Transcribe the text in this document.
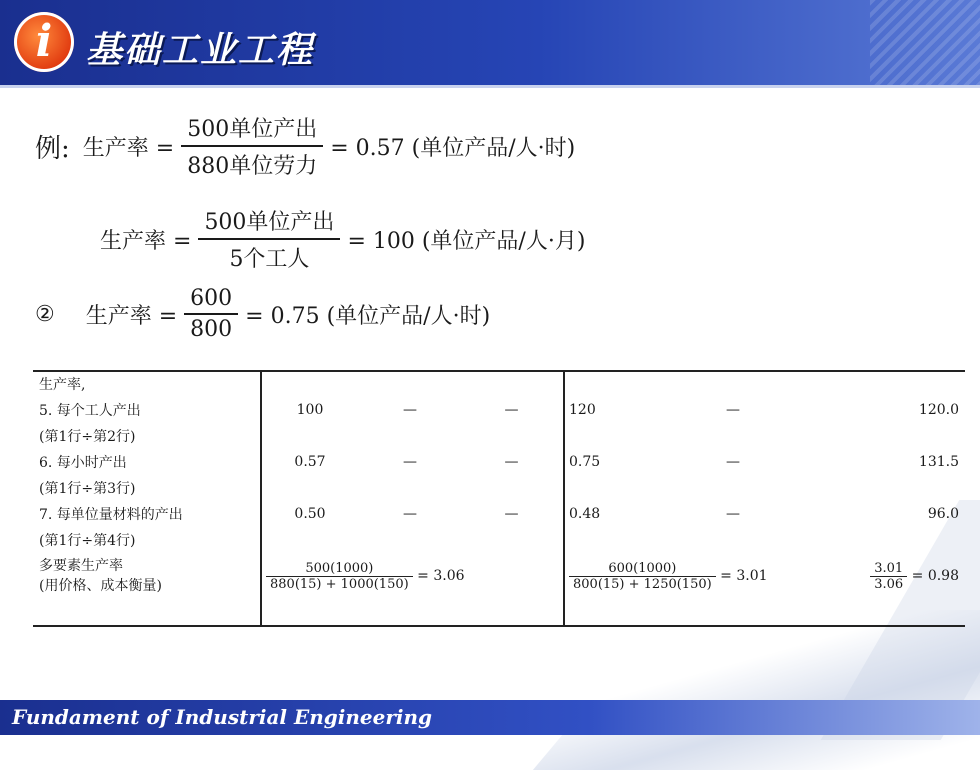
i 基础工业工程
例: 生产率 = $\frac{\text{500单位产出}}{\text{880单位劳力}} = 0.57$ (单位产品/人·时)
生产率 = $\frac{\text{500单位产出}}{\text{5个工人}} = 100$ (单位产品/人·月)
② 生产率 = $\frac{600}{800} = 0.75$ (单位产品/人·时)
生产率,						
5. 每个工人产出	100	—	—	120	—	120.0
(第1行÷第2行)						
6. 每小时产出	0.57	—	—	0.75	—	131.5
(第1行÷第3行)						
7. 每单位量材料的产出	0.50	—	—	0.48	—	96.0
(第1行÷第4行)						
多要素生产率
(用价格、成本衡量)	$\frac{500(1000)}{880(15) + 1000(150)} = 3.06$			$\frac{600(1000)}{800(15) + 1250(150)} = 3.01$		$\frac{3.01}{3.06} = 0.98$
Fundament of Industrial Engineering
